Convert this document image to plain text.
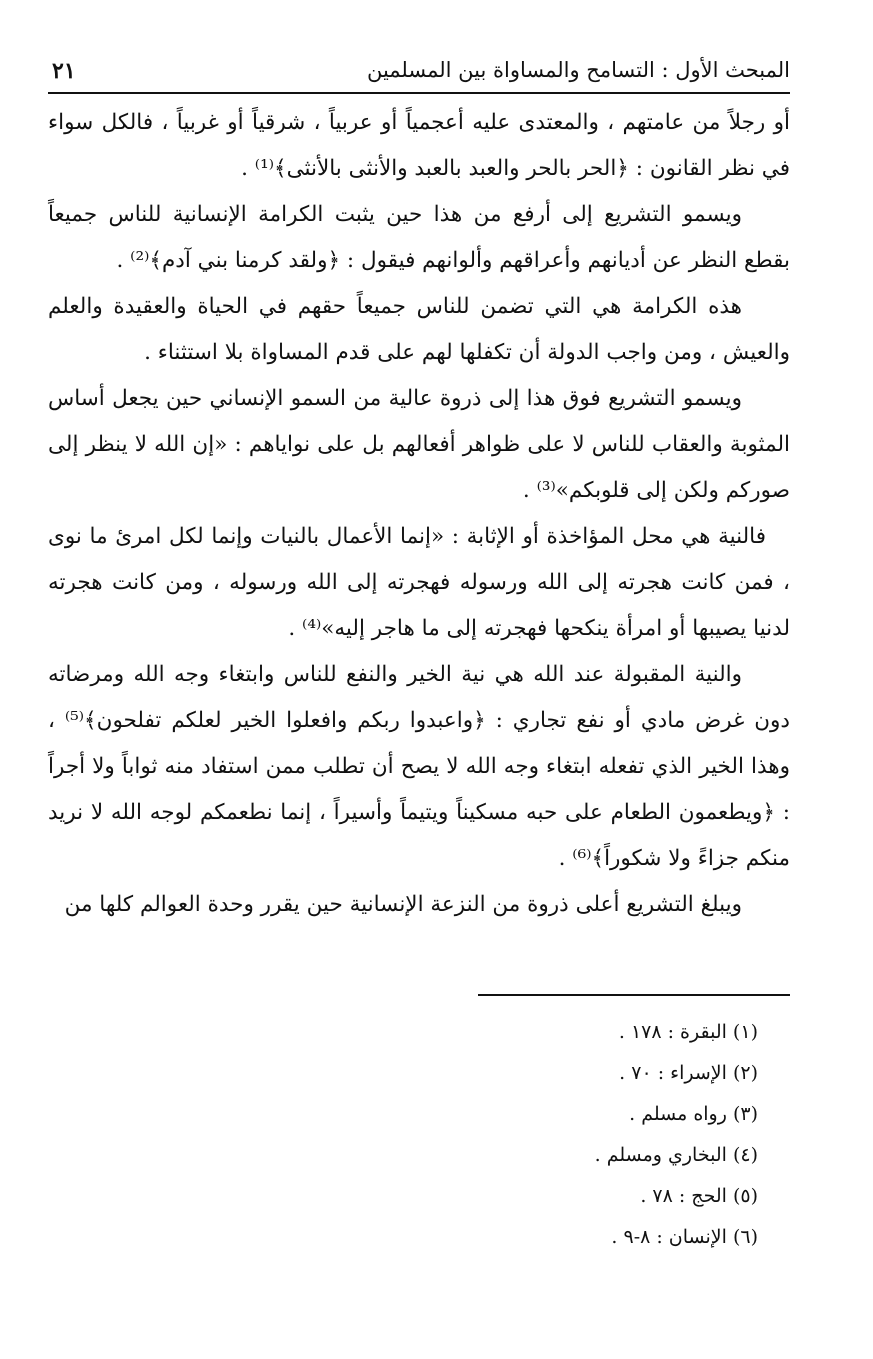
المبحث الأول : التسامح والمساواة بين المسلمين
٢١

أو رجلاً من عامتهم ، والمعتدى عليه أعجمياً أو عربياً ، شرقياً أو غربياً ، فالكل سواء في نظر القانون : ﴿الحر بالحر والعبد بالعبد والأنثى بالأنثى﴾⁽¹⁾ .

ويسمو التشريع إلى أرفع من هذا حين يثبت الكرامة الإنسانية للناس جميعاً بقطع النظر عن أديانهم وأعراقهم وألوانهم فيقول : ﴿ولقد كرمنا بني آدم﴾⁽²⁾ .

هذه الكرامة هي التي تضمن للناس جميعاً حقهم في الحياة والعقيدة والعلم والعيش ، ومن واجب الدولة أن تكفلها لهم على قدم المساواة بلا استثناء .

ويسمو التشريع فوق هذا إلى ذروة عالية من السمو الإنساني حين يجعل أساس المثوبة والعقاب للناس لا على ظواهر أفعالهم بل على نواياهم : «إن الله لا ينظر إلى صوركم ولكن إلى قلوبكم»⁽³⁾ .

فالنية هي محل المؤاخذة أو الإثابة : «إنما الأعمال بالنيات وإنما لكل امرئ ما نوى ، فمن كانت هجرته إلى الله ورسوله فهجرته إلى الله ورسوله ، ومن كانت هجرته لدنيا يصيبها أو امرأة ينكحها فهجرته إلى ما هاجر إليه»⁽⁴⁾ .

والنية المقبولة عند الله هي نية الخير والنفع للناس وابتغاء وجه الله ومرضاته دون غرض مادي أو نفع تجاري : ﴿واعبدوا ربكم وافعلوا الخير لعلكم تفلحون﴾⁽⁵⁾ ، وهذا الخير الذي تفعله ابتغاء وجه الله لا يصح أن تطلب ممن استفاد منه ثواباً ولا أجراً : ﴿ويطعمون الطعام على حبه مسكيناً ويتيماً وأسيراً ، إنما نطعمكم لوجه الله لا نريد منكم جزاءً ولا شكوراً﴾⁽⁶⁾ .

ويبلغ التشريع أعلى ذروة من النزعة الإنسانية حين يقرر وحدة العوالم كلها من

(١) البقرة : ١٧٨ .
(٢) الإسراء : ٧٠ .
(٣) رواه مسلم .
(٤) البخاري ومسلم .
(٥) الحج : ٧٨ .
(٦) الإنسان : ٨-٩ .
